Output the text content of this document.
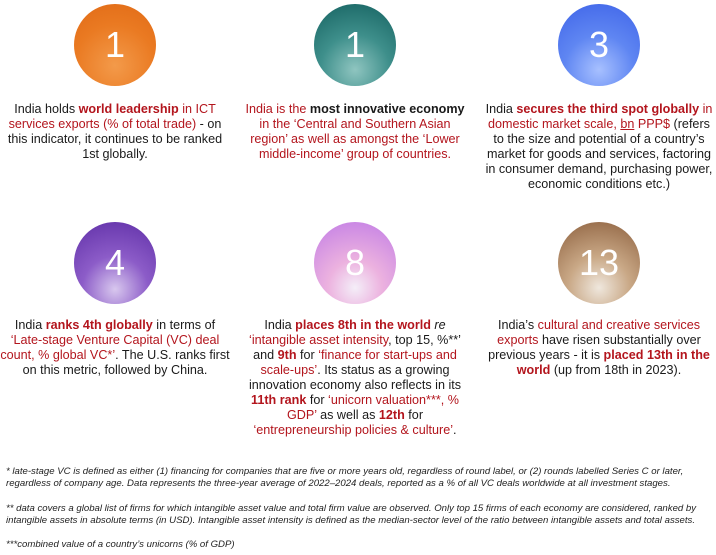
1
India holds world leadership in ICT services exports (% of total trade) - on this indicator, it continues to be ranked 1st globally.
1
India is the most innovative economy in the ‘Central and Southern Asian region’ as well as amongst the ‘Lower middle-income’ group of countries.
3
India secures the third spot globally in domestic market scale, bn PPP$ (refers to the size and potential of a country’s market for goods and services, factoring in consumer demand, purchasing power, economic conditions etc.)
4
India ranks 4th globally in terms of ‘Late-stage Venture Capital (VC) deal count, % global VC*’. The U.S. ranks first on this metric, followed by China.
8
India places 8th in the world re ‘intangible asset intensity, top 15, %**’ and 9th for ‘finance for start-ups and scale-ups’. Its status as a growing innovation economy also reflects in its 11th rank for ‘unicorn valuation***, % GDP’ as well as 12th for ‘entrepreneurship policies & culture’.
13
India’s cultural and creative services exports have risen substantially over previous years - it is placed 13th in the world (up from 18th in 2023).
* late-stage VC is defined as either (1) financing for companies that are five or more years old, regardless of round label, or (2) rounds labelled Series C or later, regardless of company age. Data represents the three-year average of 2022–2024 deals, reported as a % of all VC deals worldwide at all investment stages.
** data covers a global list of firms for which intangible asset value and total firm value are observed. Only top 15 firms of each economy are considered, ranked by intangible assets in absolute terms (in USD). Intangible asset intensity is defined as the median-sector level of the ratio between intangible assets and total assets.
***combined value of a country’s unicorns (% of GDP)
